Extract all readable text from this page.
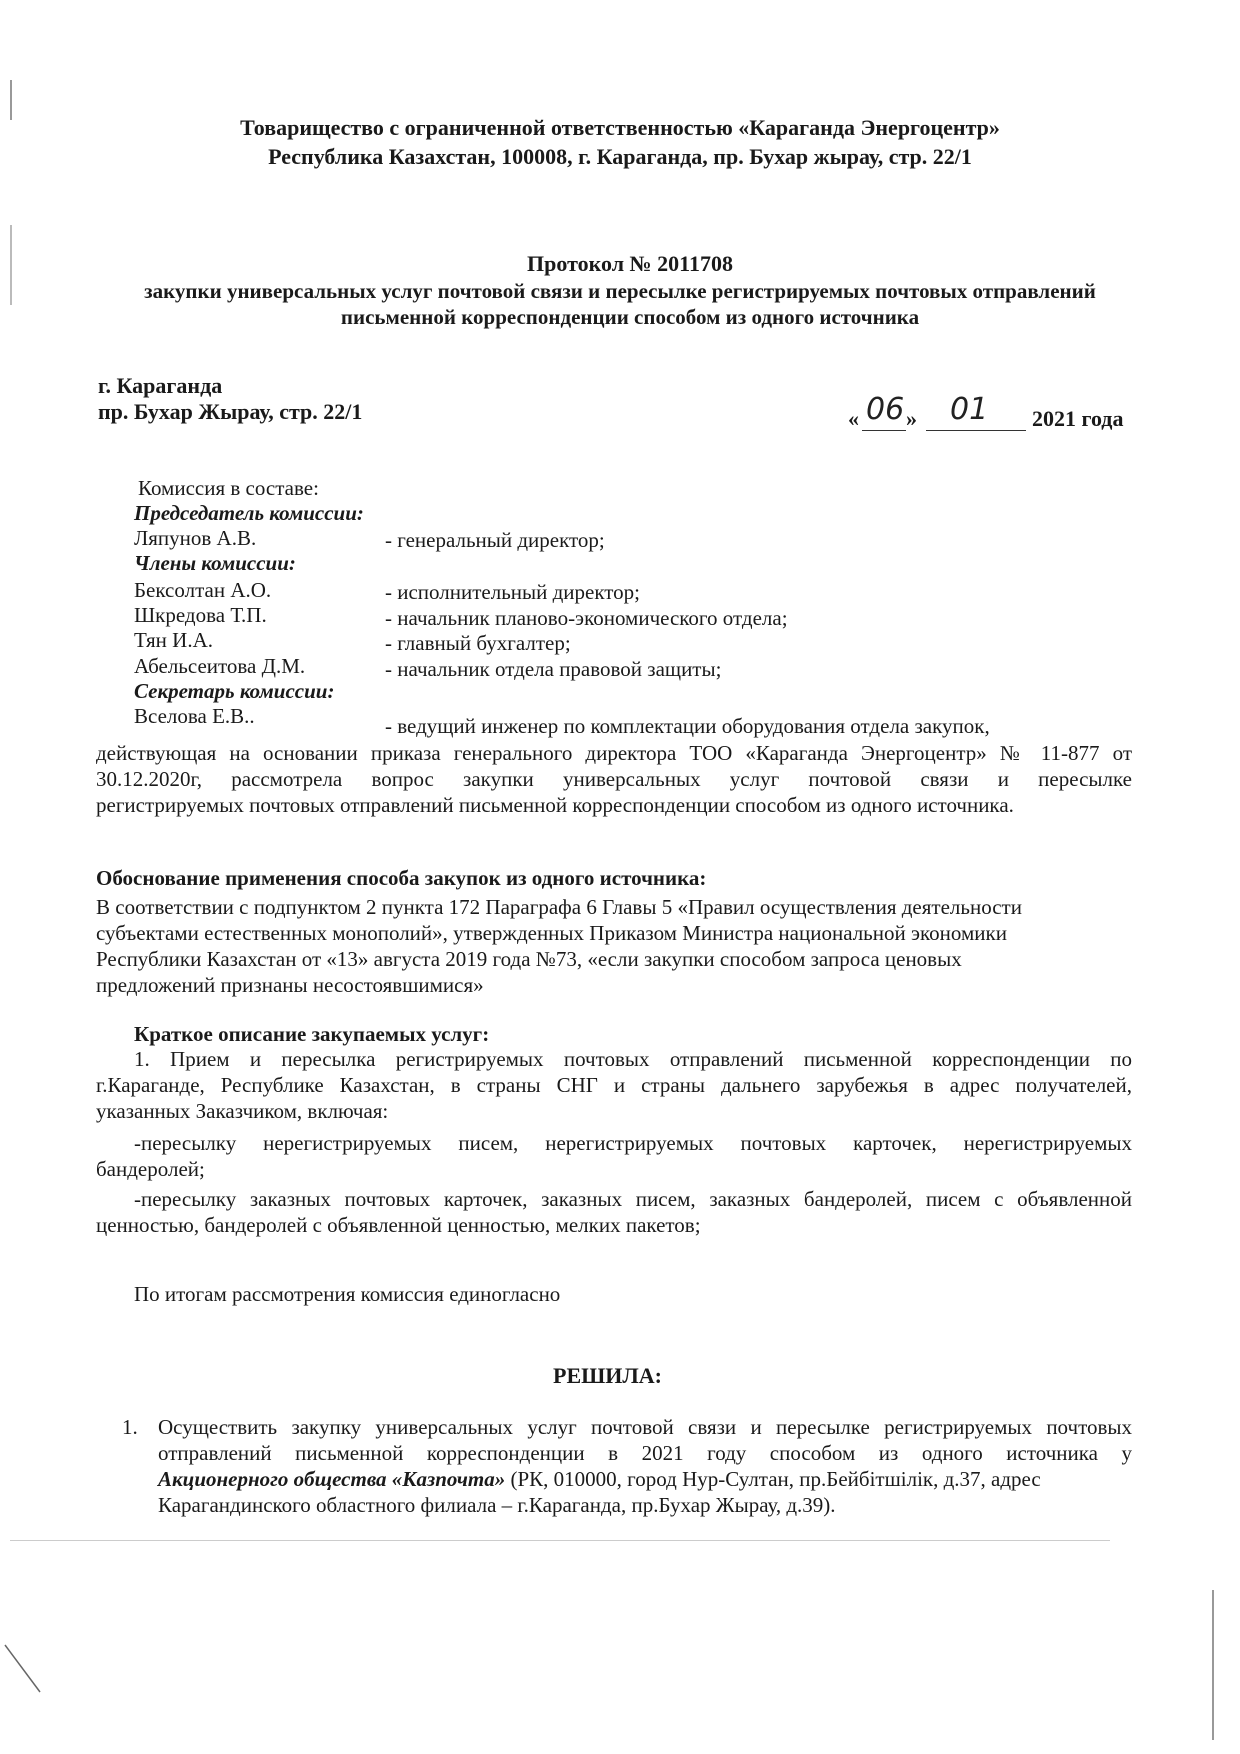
Товарищество с ограниченной ответственностью «Караганда Энергоцентр»
Республика Казахстан, 100008, г. Караганда, пр. Бухар жырау, стр. 22/1
Протокол № 2011708
закупки универсальных услуг почтовой связи и пересылке регистрируемых почтовых отправлений
письменной корреспонденции способом из одного источника
г. Караганда
пр. Бухар Жырау, стр. 22/1	« 06 » 01 2021 года
Комиссия в составе:
Председатель комиссии:
Ляпунов А.В.	- генеральный директор;
Члены комиссии:
Бексолтан А.О.	- исполнительный директор;
Шкредова Т.П.	- начальник планово-экономического отдела;
Тян И.А.	- главный бухгалтер;
Абельсеитова Д.М.	- начальник отдела правовой защиты;
Секретарь комиссии:
Вселова Е.В..	- ведущий инженер по комплектации оборудования отдела закупок,
действующая на основании приказа генерального директора ТОО «Караганда Энергоцентр» № 11-877 от
30.12.2020г, рассмотрела вопрос закупки универсальных услуг почтовой связи и пересылке
регистрируемых почтовых отправлений письменной корреспонденции способом из одного источника.
Обоснование применения способа закупок из одного источника:
В соответствии с подпунктом 2 пункта 172 Параграфа 6 Главы 5 «Правил осуществления деятельности
субъектами естественных монополий», утвержденных Приказом Министра национальной экономики
Республики Казахстан от «13» августа 2019 года №73, «если закупки способом запроса ценовых
предложений признаны несостоявшимися»
Краткое описание закупаемых услуг:
1. Прием и пересылка регистрируемых почтовых отправлений письменной корреспонденции по
г.Караганде, Республике Казахстан, в страны СНГ и страны дальнего зарубежья в адрес получателей,
указанных Заказчиком, включая:
-пересылку нерегистрируемых писем, нерегистрируемых почтовых карточек, нерегистрируемых
бандеролей;
-пересылку заказных почтовых карточек, заказных писем, заказных бандеролей, писем с объявленной
ценностью, бандеролей с объявленной ценностью, мелких пакетов;
По итогам рассмотрения комиссия единогласно
РЕШИЛА:
1. Осуществить закупку универсальных услуг почтовой связи и пересылке регистрируемых почтовых
отправлений письменной корреспонденции в 2021 году способом из одного источника у
Акционерного общества «Казпочта» (РК, 010000, город Нур-Султан, пр.Бейбітшілік, д.37, адрес
Карагандинского областного филиала – г.Караганда, пр.Бухар Жырау, д.39).
